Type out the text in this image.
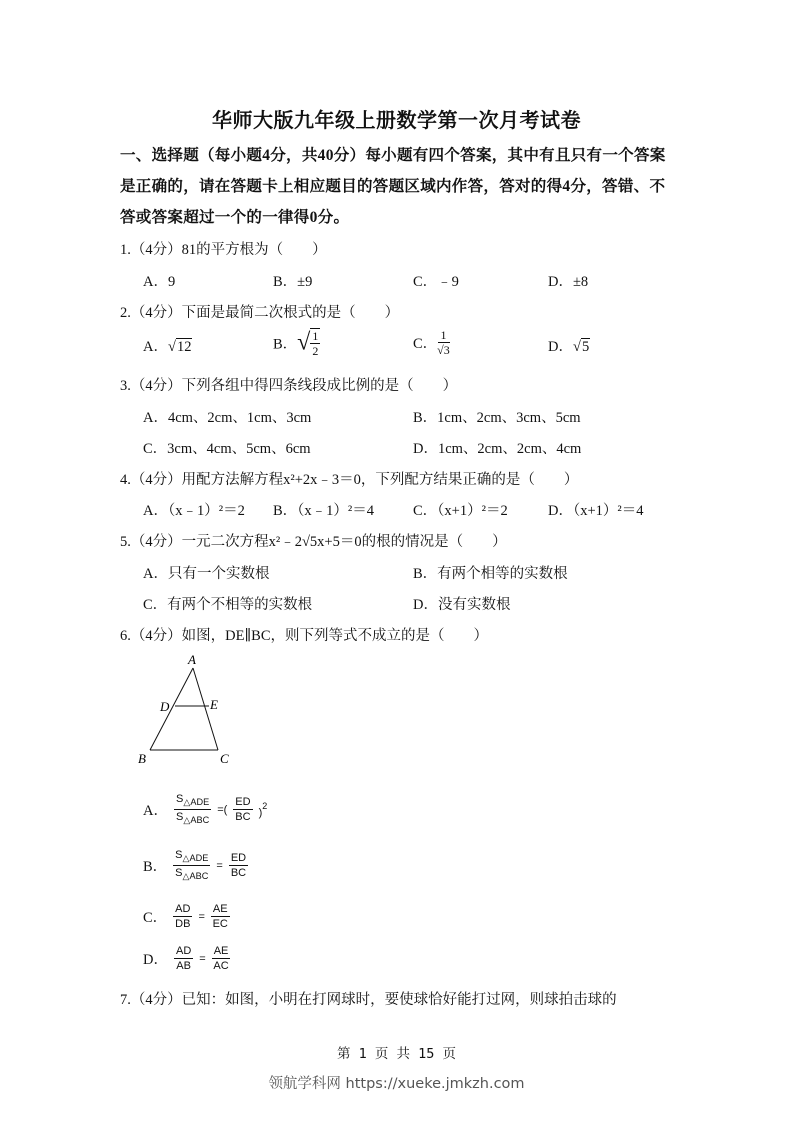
华师大版九年级上册数学第一次月考试卷
一、选择题（每小题4分，共40分）每小题有四个答案，其中有且只有一个答案是正确的，请在答题卡上相应题目的答题区域内作答，答对的得4分，答错、不答或答案超过一个的一律得0分。
1.（4分）81的平方根为（　　）
A．9	B．±9	C．﹣9	D．±8
2.（4分）下面是最简二次根式的是（　　）
A．√12	B．√ $\frac{1}{2}$	C． $\frac{1}{√3}$	D．√5
3.（4分）下列各组中得四条线段成比例的是（　　）
A．4cm、2cm、1cm、3cm	B．1cm、2cm、3cm、5cm
C．3cm、4cm、5cm、6cm	D．1cm、2cm、2cm、4cm
4.（4分）用配方法解方程x²+2x﹣3＝0，下列配方结果正确的是（　　）
A．（x﹣1）²＝2 B．（x﹣1）²＝4	C．（x+1）²＝2	D．（x+1）²＝4
5.（4分）一元二次方程x²﹣2√5x+5＝0的根的情况是（　　）
A．只有一个实数根	B．有两个相等的实数根
C．有两个不相等的实数根	D．没有实数根
6.（4分）如图，DE∥BC，则下列等式不成立的是（　　）
A
B	C
D	E
A． $\frac{S_{\triangle ADE}}{S_{\triangle ABC}}$ =( $\frac{ED}{BC} )^2$
B． $\frac{S_{\triangle ADE}}{S_{\triangle ABC}} = \frac{ED}{BC}$
C． $\frac{AD}{DB} = \frac{AE}{EC}$
D． $\frac{AD}{AB} = \frac{AE}{AC}$
7.（4分）已知：如图，小明在打网球时，要使球恰好能打过网，则球拍击球的
第 1 页 共 15 页
领航学科网 https://xueke.jmkzh.com
